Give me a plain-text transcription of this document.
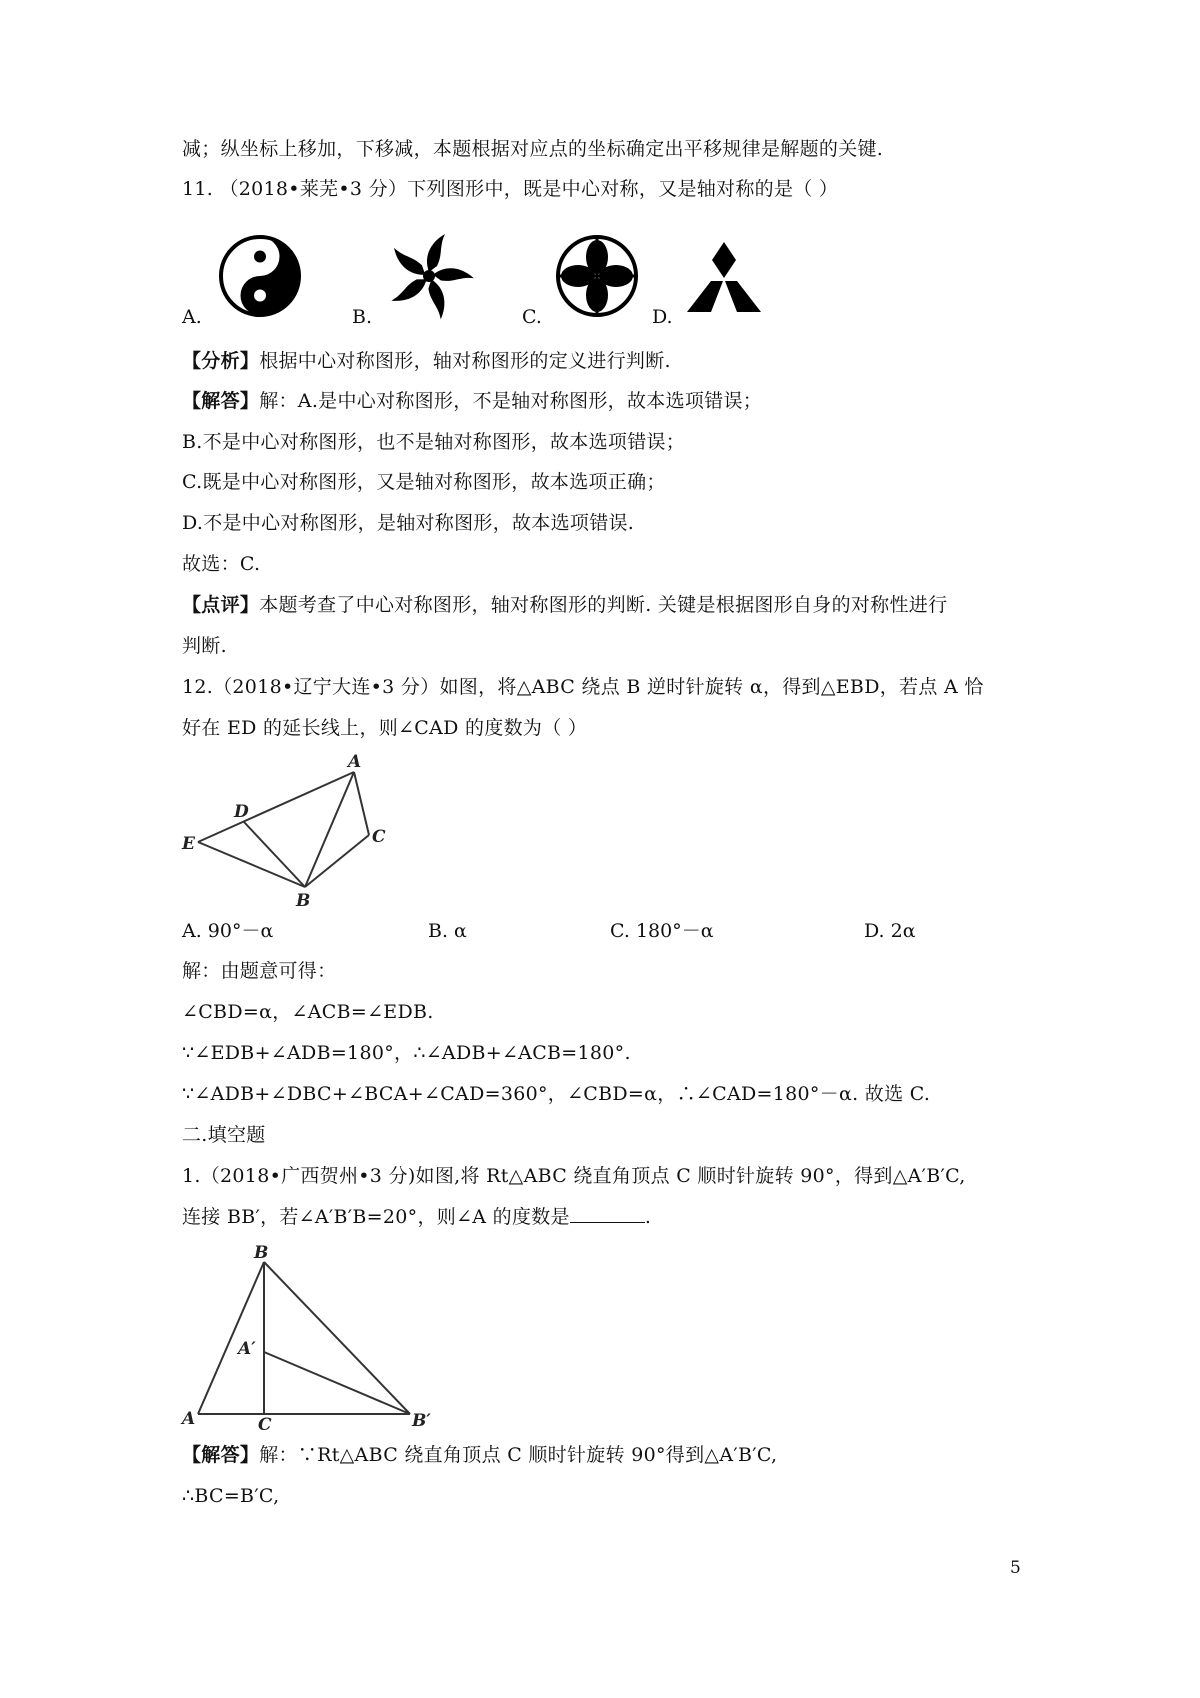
减；纵坐标上移加，下移减，本题根据对应点的坐标确定出平移规律是解题的关键.
11. （2018•莱芜•3 分）下列图形中，既是中心对称，又是轴对称的是（ ）
A.	B.	C.	D.
【分析】根据中心对称图形，轴对称图形的定义进行判断.
【解答】解：A.是中心对称图形，不是轴对称图形，故本选项错误；
B.不是中心对称图形，也不是轴对称图形，故本选项错误；
C.既是中心对称图形，又是轴对称图形，故本选项正确；
D.不是中心对称图形，是轴对称图形，故本选项错误.
故选：C.
【点评】本题考查了中心对称图形，轴对称图形的判断. 关键是根据图形自身的对称性进行
判断.
12.（2018•辽宁大连•3 分）如图，将△ABC 绕点 B 逆时针旋转 α，得到△EBD，若点 A 恰
好在 ED 的延长线上，则∠CAD 的度数为（ ）
A
D
E	C
B
A. 90°－α	B. α	C. 180°－α	D. 2α
解：由题意可得：
∠CBD=α，∠ACB=∠EDB.
∵∠EDB+∠ADB=180°，∴∠ADB+∠ACB=180°.
∵∠ADB+∠DBC+∠BCA+∠CAD=360°，∠CBD=α，∴∠CAD=180°－α. 故选 C.
二.填空题
1.（2018•广西贺州•3 分)如图,将 Rt△ABC 绕直角顶点 C 顺时针旋转 90°，得到△A′B′C,
连接 BB′，若∠A′B′B=20°，则∠A 的度数是	.
B
A′
A	C	B′
【解答】解：∵Rt△ABC 绕直角顶点 C 顺时针旋转 90°得到△A′B′C,
∴BC=B′C,
5
